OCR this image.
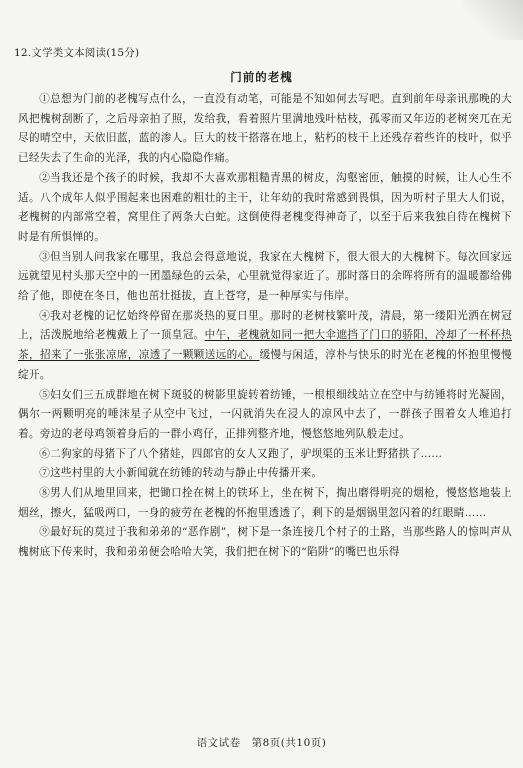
12.文学类文本阅读(15分)
门前的老槐

①总想为门前的老槐写点什么，一直没有动笔，可能是不知如何去写吧。直到前年母亲讯那晚的大风把槐树刮断了，之后母亲拍了照，发给我，看着照片里满地残叶枯枝，孤零而又年迈的老树突兀在无尽的晴空中，天依旧蓝，蓝的渗人。巨大的枝干搭落在地上，粘朽的枝干上还残存着些许的枝叶，似乎已经失去了生命的光泽，我的内心隐隐作痛。

②当我还是个孩子的时候，我却不大喜欢那粗糙青黑的树皮，沟壑密匝，触摸的时候，让人心生不适。八个成年人似乎围起来也困难的粗壮的主干，让年幼的我时常感到畏惧，因为听村子里大人们说，老槐树的内部常空着，窝里住了两条大白蛇。这倒使得老槐变得神奇了，以至于后来我独自待在槐树下时是有所惧惮的。

③但当别人问我家在哪里，我总会得意地说，我家在大槐树下，很大很大的大槐树下。每次回家远远就望见村头那天空中的一团墨绿色的云朵，心里就觉得家近了。那时落日的余晖将所有的温暖都给佛给了他，即使在冬日，他也茁壮挺拔，直上苍穹，是一种厚实与伟岸。

④我对老槐的记忆始终停留在那炎热的夏日里。那时的老树枝繁叶茂，清晨，第一缕阳光洒在树冠上，活泼脱地给老槐戴上了一顶皇冠。中午，老槐就如同一把大伞遮挡了门口的骄阳，冷却了一杯杯热茶，招来了一张张凉席，凉透了一颗颗送远的心。缓慢与闲适，淳朴与快乐的时光在老槐的怀抱里慢慢绽开。

⑤妇女们三五成群地在树下斑驳的树影里旋转着纺锤，一根根细线站立在空中与纺锤将时光凝固，偶尔一两颗明亮的唾沫星子从空中飞过，一闪就消失在浸人的凉风中去了，一群孩子围着女人堆追打着。旁边的老母鸡领着身后的一群小鸡仔，正排列整齐地，慢悠悠地列队般走过。

⑥二狗家的母猪下了八个猪娃，四郎官的女人又跑了，驴坝渠的玉米让野猪拱了……

⑦这些村里的大小新闻就在纺锤的转动与静止中传播开来。

⑧男人们从地里回来，把锄口拴在树上的铁环上，坐在树下，掏出磨得明亮的烟枪，慢悠悠地装上烟丝，擦火，猛吸两口，一身的疲劳在老槐的怀抱里透透了，剩下的是烟锅里忽闪着的红眼睛……

⑨最好玩的莫过于我和弟弟的“恶作剧”，树下是一条连接几个村子的土路，当那些路人的惊叫声从槐树底下传来时，我和弟弟便会哈哈大笑，我们把在树下的“陷阱”的嘴巴也乐得

语文试卷　第8页(共10页)
